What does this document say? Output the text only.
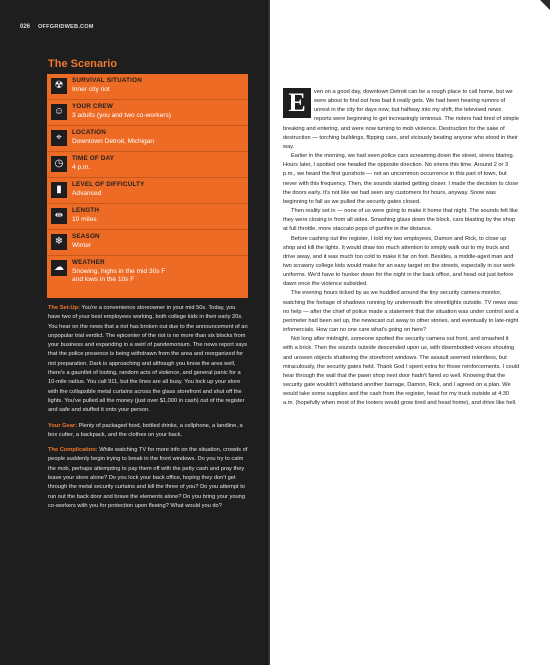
026 OFFGRIDWEB.COM
The Scenario
☢	SURVIVAL SITUATION
Inner city riot
☺	YOUR CREW
3 adults (you and two co-workers)
⌖	LOCATION
Downtown Detroit, Michigan
◷	TIME OF DAY
4 p.m.
▮	LEVEL OF DIFFICULTY
Advanced
⇹	LENGTH
10 miles
❄	SEASON
Winter
☁	WEATHER
Snowing, highs in the mid 30s F
and lows in the 10s F

The Set-Up: You're a convenience storeowner in your mid 50s. Today, you have two of your best employees working, both college kids in their early 20s. You hear on the news that a riot has broken out due to the announcement of an unpopular trial verdict. The epicenter of the riot is no more than six blocks from your business and expanding in a swirl of pandemonium. The news report says that the police presence is being withdrawn from the area and reorganized for riot preparation. Dark is approaching and although you know the area well, there's a gauntlet of looting, random acts of violence, and general panic for a 10-mile radius. You call 911, but the lines are all busy. You lock up your store with the collapsible metal curtains across the glass storefront and shut off the lights. You've pulled all the money (just over $1,000 in cash) out of the register and safe and stuffed it onto your person.

Your Gear: Plenty of packaged food, bottled drinks, a cellphone, a landline, a box cutter, a backpack, and the clothes on your back.

The Complication: While watching TV for more info on the situation, crowds of people suddenly begin trying to break in the front windows. Do you try to calm the mob, perhaps attempting to pay them off with the petty cash and pray they leave your store alone? Do you lock your back office, hoping they don't get through the metal security curtains and kill the three of you? Do you attempt to run out the back door and brave the elements alone? Do you bring your young co-workers with you for protection upon fleeing? What would you do?

E	ven on a good day, downtown Detroit can be a rough place to call home, but we were about to find out how bad it really gets. We had been hearing rumors of unrest in the city for days now, but halfway into my shift, the televised news reports were beginning to get increasingly ominous. The rioters had tired of simple breaking and entering, and were now turning to mob violence. Destruction for the sake of destruction — torching buildings, flipping cars, and viciously beating anyone who stood in their way.

Earlier in the morning, we had seen police cars screaming down the street, sirens blaring. Hours later, I spotted one headed the opposite direction. No sirens this time. Around 2 or 3 p.m., we heard the first gunshots — not an uncommon occurrence in this part of town, but never with this frequency. Then, the sounds started getting closer. I made the decision to close the doors early. It's not like we had seen any customers for hours, anyway. Snow was beginning to fall as we pulled the security gates closed.

Then reality set in — none of us were going to make it home that night. The sounds felt like they were closing in from all sides. Smashing glass down the block, cars blasting by the shop at full throttle, more staccato pops of gunfire in the distance.

Before cashing out the register, I told my two employees, Damon and Rick, to close up shop and kill the lights. It would draw too much attention to simply walk out to my truck and drive away, and it was much too cold to make it far on foot. Besides, a middle-aged man and two scrawny college kids would make for an easy target on the streets, especially in our work uniforms. We'd have to hunker down for the night in the back office, and head out just before dawn once the violence subsided.

The evening hours ticked by as we huddled around the tiny security camera monitor, watching the footage of shadows running by underneath the streetlights outside. TV news was no help — after the chief of police made a statement that the situation was under control and a perimeter had been set up, the newscast cut away to other stories, and eventually to late-night infomercials. How can no one care what's going on here?

Not long after midnight, someone spotted the security camera out front, and smashed it with a brick. Then the sounds outside descended upon us, with disembodied voices shouting and unseen objects shattering the storefront windows. The assault seemed relentless, but miraculously, the security gates held. Thank God I spent extra for those reinforcements. I could hear through the wall that the pawn shop next door hadn't fared so well. Knowing that the security gate wouldn't withstand another barrage, Damon, Rick, and I agreed on a plan. We would take some supplies and the cash from the register, head for my truck outside at 4:30 a.m. (hopefully when most of the looters would grow tired and head home), and drive like hell.
